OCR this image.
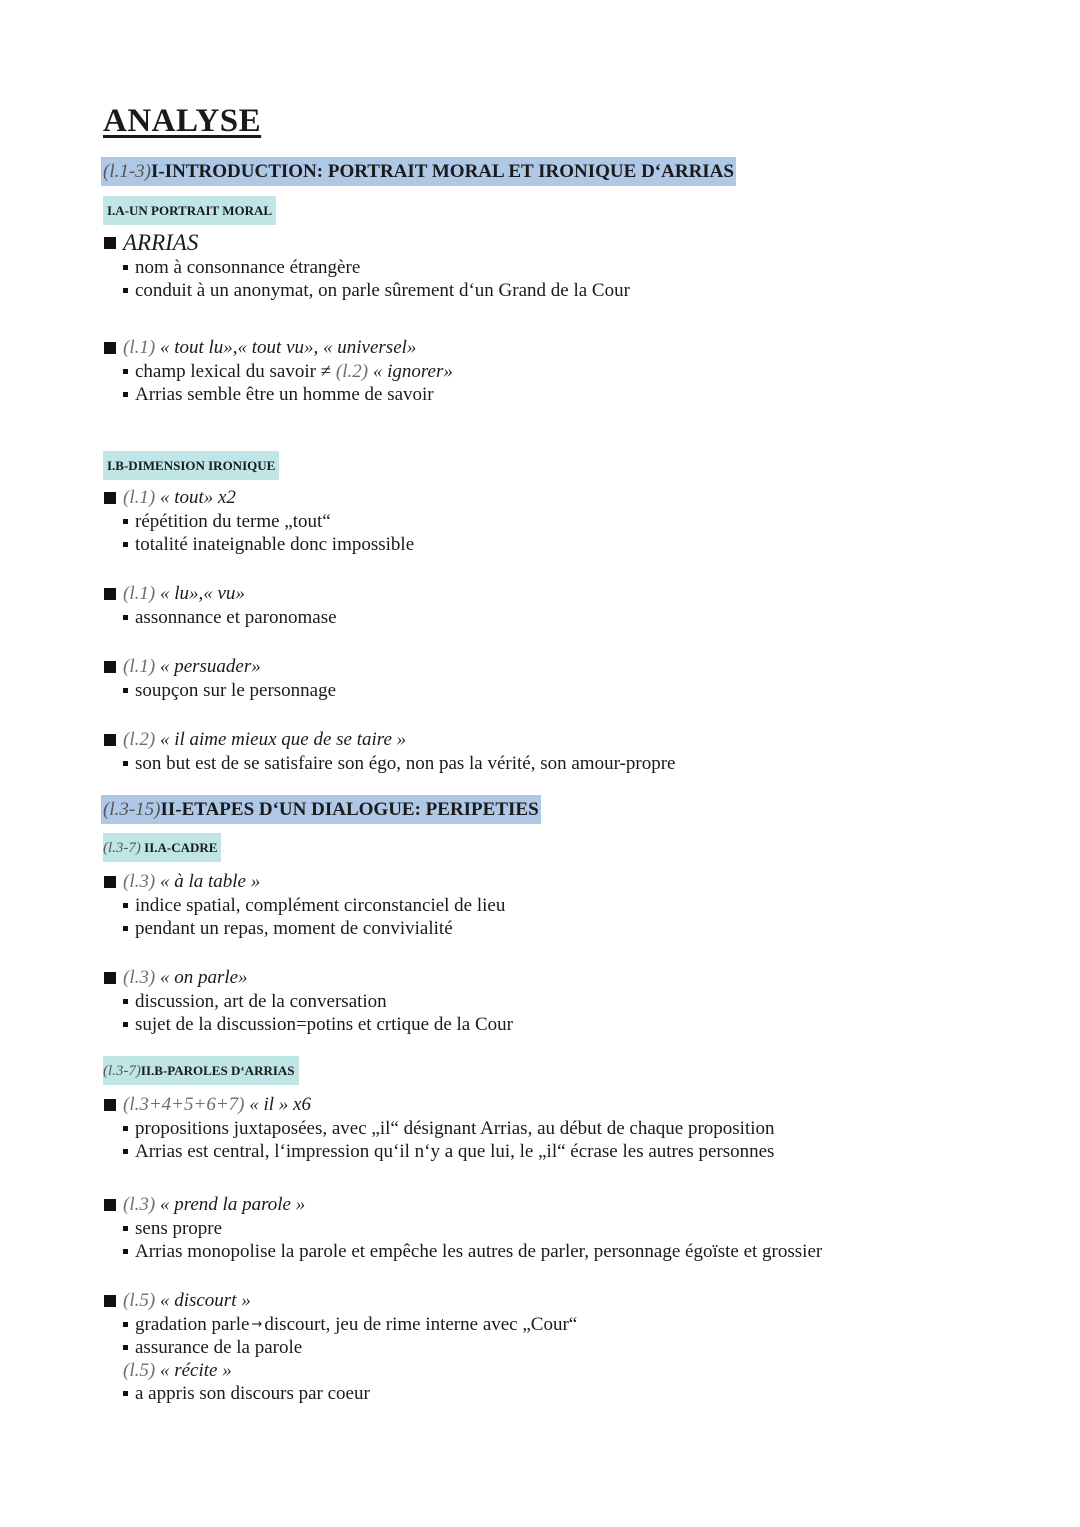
ANALYSE
(l.1-3)I-INTRODUCTION: PORTRAIT MORAL ET IRONIQUE D‘ARRIAS
I.A-UN PORTRAIT MORAL
ARRIAS
nom à consonnance étrangère
conduit à un anonymat, on parle sûrement d‘un Grand de la Cour
(l.1) « tout lu»,« tout vu», « universel»
champ lexical du savoir ≠ (l.2) « ignorer»
Arrias semble être un homme de savoir
I.B-DIMENSION IRONIQUE
(l.1) « tout» x2
répétition du terme „tout“
totalité inateignable donc impossible
(l.1) « lu»,« vu»
assonnance et paronomase
(l.1) « persuader»
soupçon sur le personnage
(l.2) « il aime mieux que de se taire »
son but est de se satisfaire son égo, non pas la vérité, son amour-propre
(l.3-15)II-ETAPES D‘UN DIALOGUE: PERIPETIES
(l.3-7) II.A-CADRE
(l.3) « à la table »
indice spatial, complément circonstanciel de lieu
pendant un repas, moment de convivialité
(l.3) « on parle»
discussion, art de la conversation
sujet de la discussion=potins et crtique de la Cour
(l.3-7)II.B-PAROLES D‘ARRIAS
(l.3+4+5+6+7) « il » x6
propositions juxtaposées, avec „il“ désignant Arrias, au début de chaque proposition
Arrias est central, l‘impression qu‘il n‘y a que lui, le „il“ écrase les autres personnes
(l.3) « prend la parole »
sens propre
Arrias monopolise la parole et empêche les autres de parler, personnage égoïste et grossier
(l.5) « discourt »
gradation parle → discourt, jeu de rime interne avec „Cour“
assurance de la parole
(l.5) « récite »
a appris son discours par coeur
